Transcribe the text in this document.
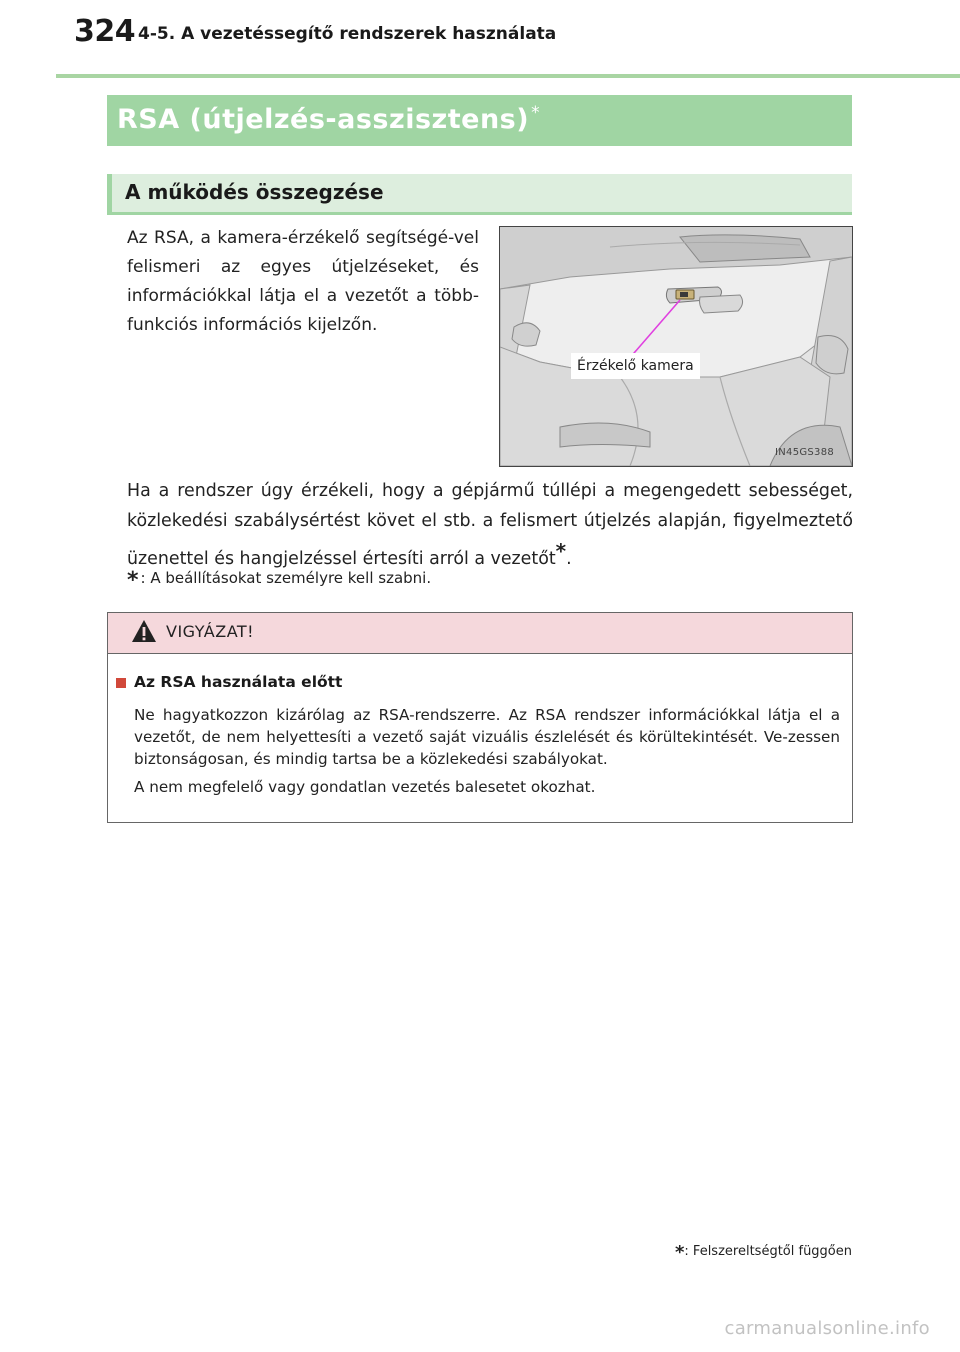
324 4-5. A vezetéssegítő rendszerek használata
RSA (útjelzés-asszisztens) *
A működés összegzése
Az RSA, a kamera-érzékelő segítségé-vel felismeri az egyes útjelzéseket, és információkkal látja el a vezetőt a több-funkciós információs kijelzőn.
Érzékelő kamera
IN45GS388
Ha a rendszer úgy érzékeli, hogy a gépjármű túllépi a megengedett sebességet, közlekedési szabálysértést követ el stb. a felismert útjelzés alapján, figyelmeztető üzenettel és hangjelzéssel értesíti arról a vezetőt*.
* : A beállításokat személyre kell szabni.
VIGYÁZAT!
Az RSA használata előtt
Ne hagyatkozzon kizárólag az RSA-rendszerre. Az RSA rendszer információkkal látja el a vezetőt, de nem helyettesíti a vezető saját vizuális észlelését és körültekintését. Ve-zessen biztonságosan, és mindig tartsa be a közlekedési szabályokat.
A nem megfelelő vagy gondatlan vezetés balesetet okozhat.
*: Felszereltségtől függően
carmanualsonline.info
